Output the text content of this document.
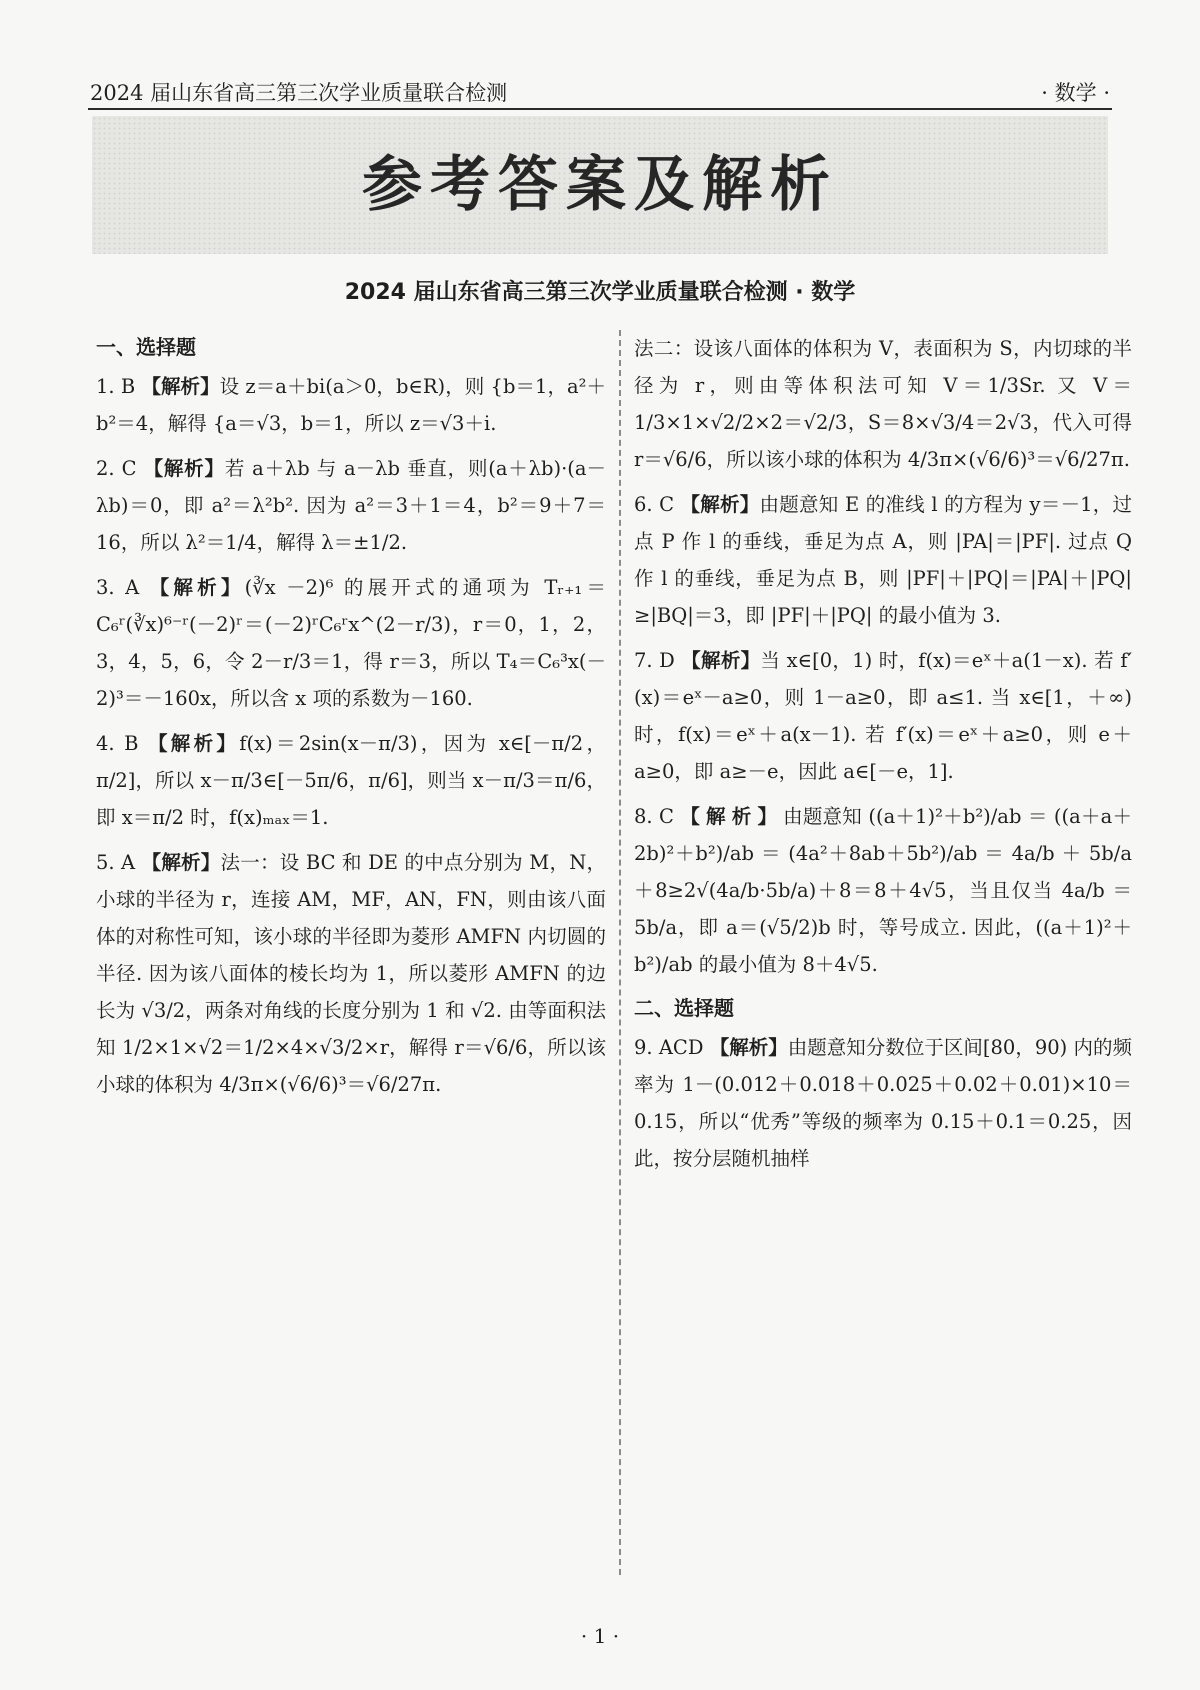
2024 届山东省高三第三次学业质量联合检测	· 数学 ·
参考答案及解析
2024 届山东省高三第三次学业质量联合检测 · 数学
一、选择题
1. B 【解析】设 z＝a＋bi(a＞0，b∈R)，则 {b＝1，a²＋b²＝4，解得 {a＝√3，b＝1，所以 z＝√3＋i.
2. C 【解析】若 a＋λb 与 a－λb 垂直，则(a＋λb)·(a－λb)＝0，即 a²＝λ²b². 因为 a²＝3＋1＝4，b²＝9＋7＝16，所以 λ²＝1/4，解得 λ＝±1/2.
3. A 【解析】(∛x －2)⁶ 的展开式的通项为 Tᵣ₊₁＝C₆ʳ(∛x)⁶⁻ʳ(－2)ʳ＝(－2)ʳC₆ʳx^(2－r/3)，r＝0，1，2，3，4，5，6，令 2－r/3＝1，得 r＝3，所以 T₄＝C₆³x(－2)³＝－160x，所以含 x 项的系数为－160.
4. B 【解析】f(x)＝2sin(x－π/3)，因为 x∈[－π/2，π/2]，所以 x－π/3∈[－5π/6，π/6]，则当 x－π/3＝π/6，即 x＝π/2 时，f(x)ₘₐₓ＝1.
5. A 【解析】法一：设 BC 和 DE 的中点分别为 M，N，小球的半径为 r，连接 AM，MF，AN，FN，则由该八面体的对称性可知，该小球的半径即为菱形 AMFN 内切圆的半径. 因为该八面体的棱长均为 1，所以菱形 AMFN 的边长为 √3/2，两条对角线的长度分别为 1 和 √2. 由等面积法知 1/2×1×√2＝1/2×4×√3/2×r，解得 r＝√6/6，所以该小球的体积为 4/3π×(√6/6)³＝√6/27π.
法二：设该八面体的体积为 V，表面积为 S，内切球的半径为 r，则由等体积法可知 V＝1/3Sr. 又 V＝1/3×1×√2/2×2＝√2/3，S＝8×√3/4＝2√3，代入可得 r＝√6/6，所以该小球的体积为 4/3π×(√6/6)³＝√6/27π.
6. C 【解析】由题意知 E 的准线 l 的方程为 y＝－1，过点 P 作 l 的垂线，垂足为点 A，则 |PA|＝|PF|. 过点 Q 作 l 的垂线，垂足为点 B，则 |PF|＋|PQ|＝|PA|＋|PQ|≥|BQ|＝3，即 |PF|＋|PQ| 的最小值为 3.
7. D 【解析】当 x∈[0，1) 时，f(x)＝eˣ＋a(1－x). 若 f′(x)＝eˣ－a≥0，则 1－a≥0，即 a≤1. 当 x∈[1，＋∞) 时，f(x)＝eˣ＋a(x－1). 若 f′(x)＝eˣ＋a≥0，则 e＋a≥0，即 a≥－e，因此 a∈[－e，1].
8. C 【解析】由题意知 ((a＋1)²＋b²)/ab ＝ ((a＋a＋2b)²＋b²)/ab ＝ (4a²＋8ab＋5b²)/ab ＝ 4a/b ＋ 5b/a ＋8≥2√(4a/b·5b/a)＋8＝8＋4√5，当且仅当 4a/b ＝ 5b/a，即 a＝(√5/2)b 时，等号成立. 因此，((a＋1)²＋b²)/ab 的最小值为 8＋4√5.
二、选择题
9. ACD 【解析】由题意知分数位于区间[80，90) 内的频率为 1－(0.012＋0.018＋0.025＋0.02＋0.01)×10＝0.15，所以“优秀”等级的频率为 0.15＋0.1＝0.25，因此，按分层随机抽样
· 1 ·
